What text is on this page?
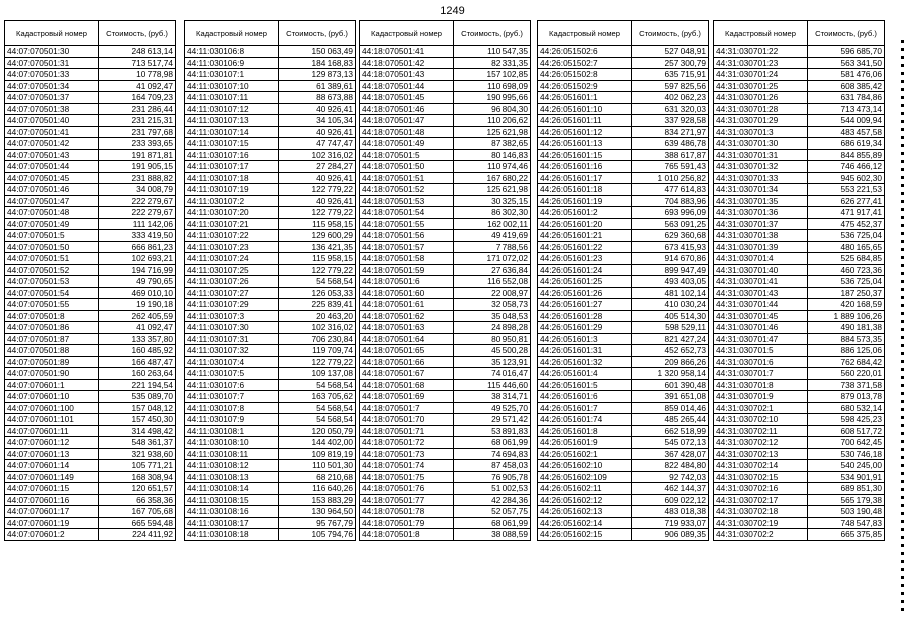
1249
Кадастровый номер	Стоимость, (руб.)
44:07:070501:30	248 613,14
44:07:070501:31	713 517,74
44:07:070501:33	10 778,98
44:07:070501:34	41 092,47
44:07:070501:37	164 709,23
44:07:070501:38	231 286,44
44:07:070501:40	231 215,31
44:07:070501:41	231 797,68
44:07:070501:42	233 393,65
44:07:070501:43	191 871,81
44:07:070501:44	191 905,15
44:07:070501:45	231 888,82
44:07:070501:46	34 008,79
44:07:070501:47	222 279,67
44:07:070501:48	222 279,67
44:07:070501:49	111 142,06
44:07:070501:5	333 419,50
44:07:070501:50	666 861,23
44:07:070501:51	102 693,21
44:07:070501:52	194 716,99
44:07:070501:53	49 790,65
44:07:070501:54	469 010,10
44:07:070501:55	19 190,18
44:07:070501:8	262 405,59
44:07:070501:86	41 092,47
44:07:070501:87	133 357,80
44:07:070501:88	160 485,92
44:07:070501:89	166 487,47
44:07:070501:90	160 263,64
44:07:070601:1	221 194,54
44:07:070601:10	535 089,70
44:07:070601:100	157 048,12
44:07:070601:101	157 450,30
44:07:070601:11	314 498,42
44:07:070601:12	548 361,37
44:07:070601:13	321 938,60
44:07:070601:14	105 771,21
44:07:070601:149	168 308,94
44:07:070601:15	120 651,57
44:07:070601:16	66 358,36
44:07:070601:17	167 705,68
44:07:070601:19	665 594,48
44:07:070601:2	224 411,92
Кадастровый номер	Стоимость, (руб.)
44:11:030106:8	150 063,49
44:11:030106:9	184 168,83
44:11:030107:1	129 873,13
44:11:030107:10	61 389,61
44:11:030107:11	88 673,88
44:11:030107:12	40 926,41
44:11:030107:13	34 105,34
44:11:030107:14	40 926,41
44:11:030107:15	47 747,47
44:11:030107:16	102 316,02
44:11:030107:17	27 284,27
44:11:030107:18	40 926,41
44:11:030107:19	122 779,22
44:11:030107:2	40 926,41
44:11:030107:20	122 779,22
44:11:030107:21	115 958,15
44:11:030107:22	129 600,29
44:11:030107:23	136 421,35
44:11:030107:24	115 958,15
44:11:030107:25	122 779,22
44:11:030107:26	54 568,54
44:11:030107:27	126 053,33
44:11:030107:29	225 839,41
44:11:030107:3	20 463,20
44:11:030107:30	102 316,02
44:11:030107:31	706 230,84
44:11:030107:32	119 709,74
44:11:030107:4	122 779,22
44:11:030107:5	109 137,08
44:11:030107:6	54 568,54
44:11:030107:7	163 705,62
44:11:030107:8	54 568,54
44:11:030107:9	54 568,54
44:11:030108:1	120 050,79
44:11:030108:10	144 402,00
44:11:030108:11	109 819,19
44:11:030108:12	110 501,30
44:11:030108:13	68 210,68
44:11:030108:14	116 640,26
44:11:030108:15	153 883,29
44:11:030108:16	130 964,50
44:11:030108:17	95 767,79
44:11:030108:18	105 794,76
Кадастровый номер	Стоимость, (руб.)
44:18:070501:41	110 547,35
44:18:070501:42	82 331,35
44:18:070501:43	157 102,85
44:18:070501:44	110 698,09
44:18:070501:45	190 995,66
44:18:070501:46	96 804,30
44:18:070501:47	110 206,62
44:18:070501:48	125 621,98
44:18:070501:49	87 382,65
44:18:070501:5	80 146,83
44:18:070501:50	110 974,46
44:18:070501:51	167 680,22
44:18:070501:52	125 621,98
44:18:070501:53	30 325,15
44:18:070501:54	86 302,30
44:18:070501:55	162 002,11
44:18:070501:56	49 419,69
44:18:070501:57	7 788,56
44:18:070501:58	171 072,02
44:18:070501:59	27 636,84
44:18:070501:6	116 552,08
44:18:070501:60	22 008,97
44:18:070501:61	32 058,73
44:18:070501:62	35 048,53
44:18:070501:63	24 898,28
44:18:070501:64	80 950,81
44:18:070501:65	45 500,28
44:18:070501:66	35 123,91
44:18:070501:67	74 016,47
44:18:070501:68	115 446,60
44:18:070501:69	38 314,71
44:18:070501:7	49 525,70
44:18:070501:70	29 571,42
44:18:070501:71	53 891,83
44:18:070501:72	68 061,99
44:18:070501:73	74 694,83
44:18:070501:74	87 458,03
44:18:070501:75	76 905,78
44:18:070501:76	51 002,53
44:18:070501:77	42 284,36
44:18:070501:78	52 057,75
44:18:070501:79	68 061,99
44:18:070501:8	38 088,59
Кадастровый номер	Стоимость, (руб.)
44:26:051502:6	527 048,91
44:26:051502:7	257 300,79
44:26:051502:8	635 715,91
44:26:051502:9	597 825,56
44:26:051601:1	402 062,23
44:26:051601:10	631 320,03
44:26:051601:11	337 928,58
44:26:051601:12	834 271,97
44:26:051601:13	639 486,78
44:26:051601:15	388 617,87
44:26:051601:16	765 591,43
44:26:051601:17	1 010 256,82
44:26:051601:18	477 614,83
44:26:051601:19	704 883,96
44:26:051601:2	693 996,09
44:26:051601:20	563 091,25
44:26:051601:21	629 360,68
44:26:051601:22	673 415,93
44:26:051601:23	914 670,86
44:26:051601:24	899 947,49
44:26:051601:25	493 403,05
44:26:051601:26	481 102,14
44:26:051601:27	410 030,24
44:26:051601:28	405 514,30
44:26:051601:29	598 529,11
44:26:051601:3	821 427,24
44:26:051601:31	452 652,73
44:26:051601:32	209 866,26
44:26:051601:4	1 320 958,14
44:26:051601:5	601 390,48
44:26:051601:6	391 651,08
44:26:051601:7	859 014,46
44:26:051601:74	485 265,44
44:26:051601:8	662 518,99
44:26:051601:9	545 072,13
44:26:051602:1	367 428,07
44:26:051602:10	822 484,80
44:26:051602:109	92 742,03
44:26:051602:11	462 144,37
44:26:051602:12	609 022,12
44:26:051602:13	483 018,38
44:26:051602:14	719 933,07
44:26:051602:15	906 089,35
Кадастровый номер	Стоимость, (руб.)
44:31:030701:22	596 685,70
44:31:030701:23	563 341,50
44:31:030701:24	581 476,06
44:31:030701:25	608 385,42
44:31:030701:26	631 784,86
44:31:030701:28	713 473,14
44:31:030701:29	544 009,94
44:31:030701:3	483 457,58
44:31:030701:30	686 619,34
44:31:030701:31	844 855,89
44:31:030701:32	746 466,12
44:31:030701:33	945 602,30
44:31:030701:34	553 221,53
44:31:030701:35	626 277,41
44:31:030701:36	471 917,41
44:31:030701:37	475 452,37
44:31:030701:38	536 725,04
44:31:030701:39	480 165,65
44:31:030701:4	525 684,85
44:31:030701:40	460 723,36
44:31:030701:41	536 725,04
44:31:030701:43	187 250,37
44:31:030701:44	420 168,59
44:31:030701:45	1 889 106,26
44:31:030701:46	490 181,38
44:31:030701:47	884 573,35
44:31:030701:5	886 125,06
44:31:030701:6	762 684,42
44:31:030701:7	560 220,01
44:31:030701:8	738 371,58
44:31:030701:9	879 013,78
44:31:030702:1	680 532,14
44:31:030702:10	598 425,23
44:31:030702:11	608 517,72
44:31:030702:12	700 642,45
44:31:030702:13	530 746,18
44:31:030702:14	540 245,00
44:31:030702:15	534 901,91
44:31:030702:16	689 851,30
44:31:030702:17	565 179,38
44:31:030702:18	503 190,48
44:31:030702:19	748 547,83
44:31:030702:2	665 375,85
